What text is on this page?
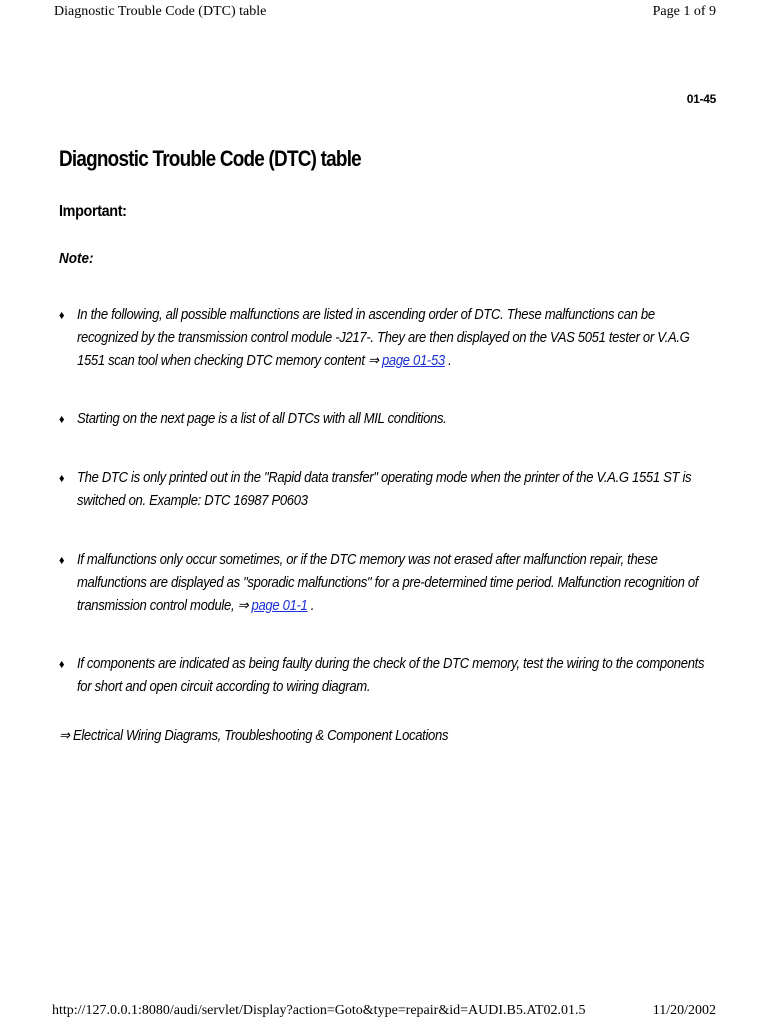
Diagnostic Trouble Code (DTC) table	Page 1 of 9
01-45
Diagnostic Trouble Code (DTC) table
Important:
Note:
♦ In the following, all possible malfunctions are listed in ascending order of DTC. These malfunctions can be recognized by the transmission control module -J217-. They are then displayed on the VAS 5051 tester or V.A.G 1551 scan tool when checking DTC memory content ⇒ page 01-53 .
♦ Starting on the next page is a list of all DTCs with all MIL conditions.
♦ The DTC is only printed out in the "Rapid data transfer" operating mode when the printer of the V.A.G 1551 ST is switched on. Example: DTC 16987 P0603
♦ If malfunctions only occur sometimes, or if the DTC memory was not erased after malfunction repair, these malfunctions are displayed as "sporadic malfunctions" for a pre-determined time period. Malfunction recognition of transmission control module, ⇒ page 01-1 .
♦ If components are indicated as being faulty during the check of the DTC memory, test the wiring to the components for short and open circuit according to wiring diagram.
⇒ Electrical Wiring Diagrams, Troubleshooting & Component Locations
http://127.0.0.1:8080/audi/servlet/Display?action=Goto&type=repair&id=AUDI.B5.AT02.01.5	11/20/2002
